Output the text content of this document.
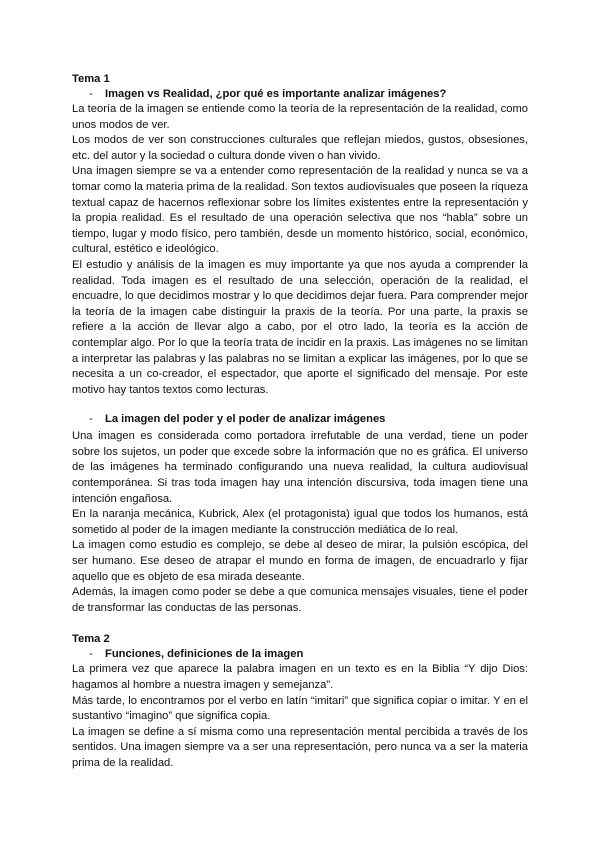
Tema 1
-	Imagen vs Realidad, ¿por qué es importante analizar imágenes?

La teoría de la imagen se entiende como la teoría de la representación de la realidad, como unos modos de ver.

Los modos de ver son construcciones culturales que reflejan miedos, gustos, obsesiones, etc. del autor y la sociedad o cultura donde viven o han vivido.

Una imagen siempre se va a entender como representación de la realidad y nunca se va a tomar como la materia prima de la realidad. Son textos audiovisuales que poseen la riqueza textual capaz de hacernos reflexionar sobre los límites existentes entre la representación y la propia realidad. Es el resultado de una operación selectiva que nos “habla” sobre un tiempo, lugar y modo físico, pero también, desde un momento histórico, social, económico, cultural, estético e ideológico.

El estudio y análisis de la imagen es muy importante ya que nos ayuda a comprender la realidad. Toda imagen es el resultado de una selección, operación de la realidad, el encuadre, lo que decidimos mostrar y lo que decidimos dejar fuera. Para comprender mejor la teoría de la imagen cabe distinguir la praxis de la teoría. Por una parte, la praxis se refiere a la acción de llevar algo a cabo, por el otro lado, la teoría es la acción de contemplar algo. Por lo que la teoría trata de incidir en la praxis. Las imágenes no se limitan a interpretar las palabras y las palabras no se limitan a explicar las imágenes, por lo que se necesita a un co-creador, el espectador, que aporte el significado del mensaje. Por este motivo hay tantos textos como lecturas.

-	La imagen del poder y el poder de analizar imágenes

Una imagen es considerada como portadora irrefutable de una verdad, tiene un poder sobre los sujetos, un poder que excede sobre la información que no es gráfica. El universo de las imágenes ha terminado configurando una nueva realidad, la cultura audiovisual contemporánea. Si tras toda imagen hay una intención discursiva, toda imagen tiene una intención engañosa.

En la naranja mecánica, Kubrick, Alex (el protagonista) igual que todos los humanos, está sometido al poder de la imagen mediante la construcción mediática de lo real.

La imagen como estudio es complejo, se debe al deseo de mirar, la pulsión escópica, del ser humano. Ese deseo de atrapar el mundo en forma de imagen, de encuadrarlo y fijar aquello que es objeto de esa mirada deseante.

Además, la imagen como poder se debe a que comunica mensajes visuales, tiene el poder de transformar las conductas de las personas.

Tema 2
-	Funciones, definiciones de la imagen

La primera vez que aparece la palabra imagen en un texto es en la Biblia “Y dijo Dios: hagamos al hombre a nuestra imagen y semejanza”.

Más tarde, lo encontramos por el verbo en latín “imitari” que significa copiar o imitar. Y en el sustantivo “imagino” que significa copia.

La imagen se define a sí misma como una representación mental percibida a través de los sentidos. Una imagen siempre va a ser una representación, pero nunca va a ser la materia prima de la realidad.
